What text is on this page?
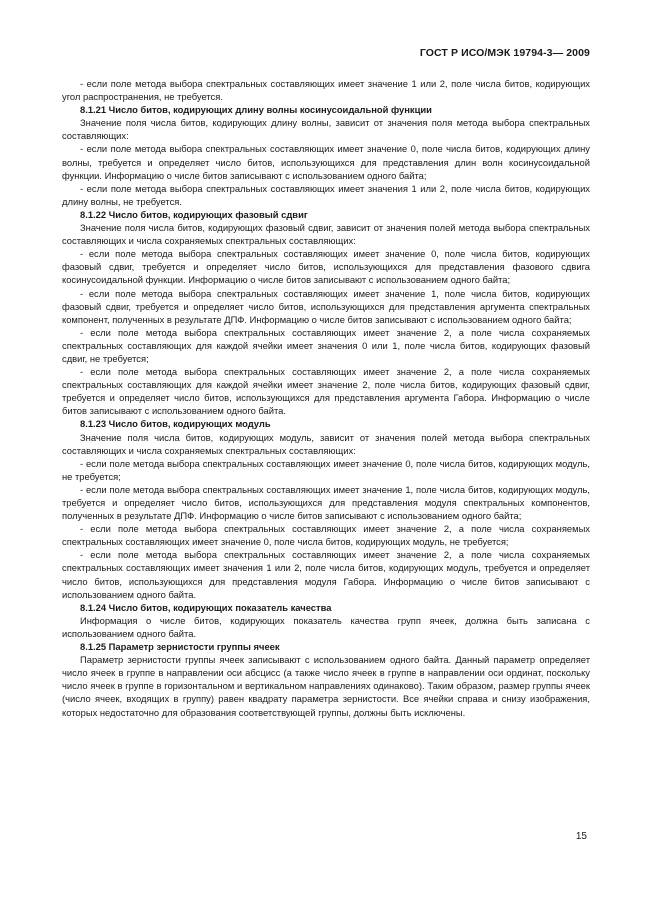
ГОСТ Р ИСО/МЭК 19794-3— 2009

- если поле метода выбора спектральных составляющих имеет значение 1 или 2, поле числа битов, кодирующих угол распространения, не требуется.

8.1.21 Число битов, кодирующих длину волны косинусоидальной функции

Значение поля числа битов, кодирующих длину волны, зависит от значения поля метода выбора спектральных составляющих:

- если поле метода выбора спектральных составляющих имеет значение 0, поле числа битов, кодирующих длину волны, требуется и определяет число битов, использующихся для представления длин волн косинусоидальной функции. Информацию о числе битов записывают с использованием одного байта;

- если поле метода выбора спектральных составляющих имеет значения 1 или 2, поле числа битов, кодирующих длину волны, не требуется.

8.1.22 Число битов, кодирующих фазовый сдвиг

Значение поля числа битов, кодирующих фазовый сдвиг, зависит от значения полей метода выбора спектральных составляющих и числа сохраняемых спектральных составляющих:

- если поле метода выбора спектральных составляющих имеет значение 0, поле числа битов, кодирующих фазовый сдвиг, требуется и определяет число битов, использующихся для представления фазового сдвига косинусоидальной функции. Информацию о числе битов записывают с использованием одного байта;

- если поле метода выбора спектральных составляющих имеет значение 1, поле числа битов, кодирующих фазовый сдвиг, требуется и определяет число битов, использующихся для представления аргумента спектральных компонент, полученных в результате ДПФ. Информацию о числе битов записывают с использованием одного байта;

- если поле метода выбора спектральных составляющих имеет значение 2, а поле числа сохраняемых спектральных составляющих для каждой ячейки имеет значения 0 или 1, поле числа битов, кодирующих фазовый сдвиг, не требуется;

- если поле метода выбора спектральных составляющих имеет значение 2, а поле числа сохраняемых спектральных составляющих для каждой ячейки имеет значение 2, поле числа битов, кодирующих фазовый сдвиг, требуется и определяет число битов, использующихся для представления аргумента Габора. Информацию о числе битов записывают с использованием одного байта.

8.1.23 Число битов, кодирующих модуль

Значение поля числа битов, кодирующих модуль, зависит от значения полей метода выбора спектральных составляющих и числа сохраняемых спектральных составляющих:

- если поле метода выбора спектральных составляющих имеет значение 0, поле числа битов, кодирующих модуль, не требуется;

- если поле метода выбора спектральных составляющих имеет значение 1, поле числа битов, кодирующих модуль, требуется и определяет число битов, использующихся для представления модуля спектральных компонентов, полученных в результате ДПФ. Информацию о числе битов записывают с использованием одного байта;

- если поле метода выбора спектральных составляющих имеет значение 2, а поле числа сохраняемых спектральных составляющих имеет значение 0, поле числа битов, кодирующих модуль, не требуется;

- если поле метода выбора спектральных составляющих имеет значение 2, а поле числа сохраняемых спектральных составляющих имеет значения 1 или 2, поле числа битов, кодирующих модуль, требуется и определяет число битов, использующихся для представления модуля Габора. Информацию о числе битов записывают с использованием одного байта.

8.1.24 Число битов, кодирующих показатель качества

Информация о числе битов, кодирующих показатель качества групп ячеек, должна быть записана с использованием одного байта.

8.1.25 Параметр зернистости группы ячеек

Параметр зернистости группы ячеек записывают с использованием одного байта. Данный параметр определяет число ячеек в группе в направлении оси абсцисс (а также число ячеек в группе в направлении оси ординат, поскольку число ячеек в группе в горизонтальном и вертикальном направлениях одинаково). Таким образом, размер группы ячеек (число ячеек, входящих в группу) равен квадрату параметра зернистости. Все ячейки справа и снизу изображения, которых недостаточно для образования соответствующей группы, должны быть исключены.

15
